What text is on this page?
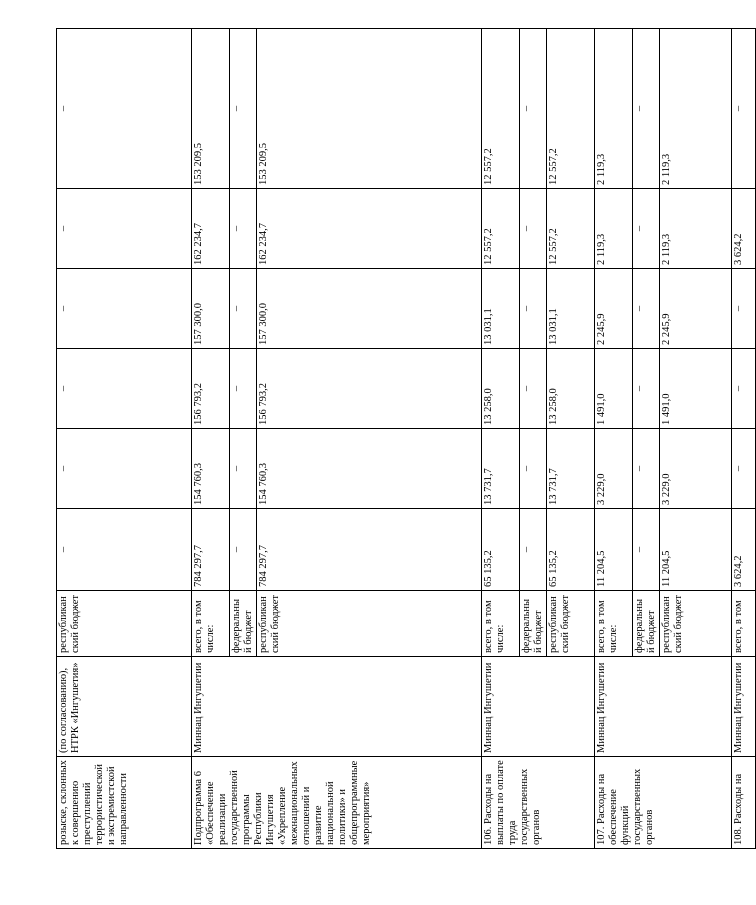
розыске, склонных к совершению преступлений террористической и экстремистской направленности	(по согласованию), НТРК «Ингушетия»	республиканский бюджет	–	–	–	–	–	–
Подпрограмма 6 «Обеспечение реализации государственной программы Республики Ингушетия «Укрепление межнациональных отношений и развитие национальной политики» и общепрограммные мероприятия»	Миннац Ингушетии	всего, в том числе:	784 297,7	154 760,3	156 793,2	157 300,0	162 234,7	153 209,5
		федеральный бюджет	–	–	–	–	–	–
		республиканский бюджет	784 297,7	154 760,3	156 793,2	157 300,0	162 234,7	153 209,5
106. Расходы на выплаты по оплате труда государственных органов	Миннац Ингушетии	всего, в том числе:	65 135,2	13 731,7	13 258,0	13 031,1	12 557,2	12 557,2
		федеральный бюджет	–	–	–	–	–	–
		республиканский бюджет	65 135,2	13 731,7	13 258,0	13 031,1	12 557,2	12 557,2
107. Расходы на обеспечение функций государственных органов	Миннац Ингушетии	всего, в том числе:	11 204,5	3 229,0	1 491,0	2 245,9	2 119,3	2 119,3
		федеральный бюджет	–	–	–	–	–	–
		республиканский бюджет	11 204,5	3 229,0	1 491,0	2 245,9	2 119,3	2 119,3
108. Расходы на	Миннац Ингушетии	всего, в том	3 624,2	–	–	–	3 624,2	–
